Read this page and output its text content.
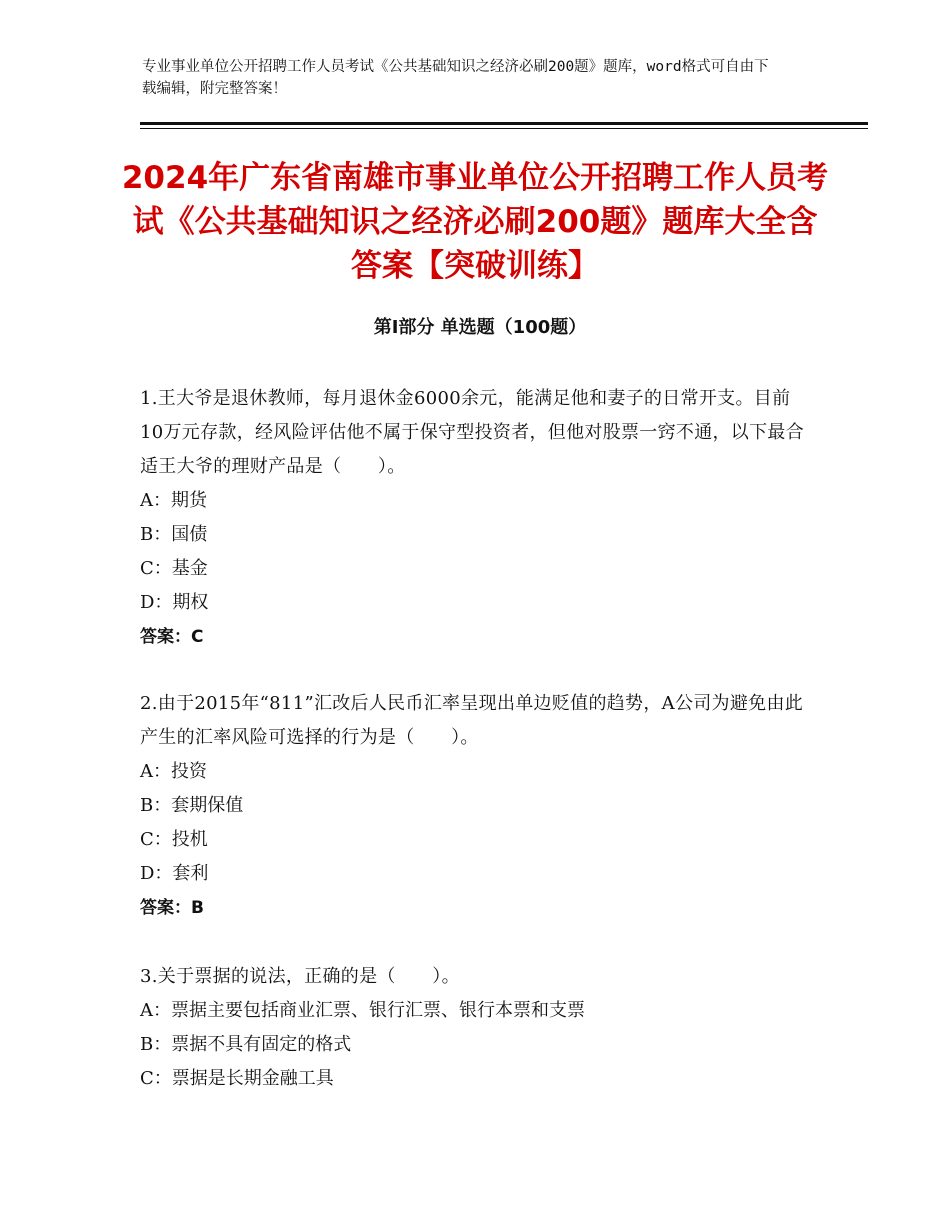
专业事业单位公开招聘工作人员考试《公共基础知识之经济必刷200题》题库，word格式可自由下载编辑，附完整答案！
2024年广东省南雄市事业单位公开招聘工作人员考试《公共基础知识之经济必刷200题》题库大全含答案【突破训练】
第Ⅰ部分 单选题（100题）
1.王大爷是退休教师，每月退休金6000余元，能满足他和妻子的日常开支。目前10万元存款，经风险评估他不属于保守型投资者，但他对股票一窍不通，以下最合适王大爷的理财产品是（　　）。
A：期货
B：国债
C：基金
D：期权
答案：C
2.由于2015年“811”汇改后人民币汇率呈现出单边贬值的趋势，A公司为避免由此产生的汇率风险可选择的行为是（　　）。
A：投资
B：套期保值
C：投机
D：套利
答案：B
3.关于票据的说法，正确的是（　　）。
A：票据主要包括商业汇票、银行汇票、银行本票和支票
B：票据不具有固定的格式
C：票据是长期金融工具
